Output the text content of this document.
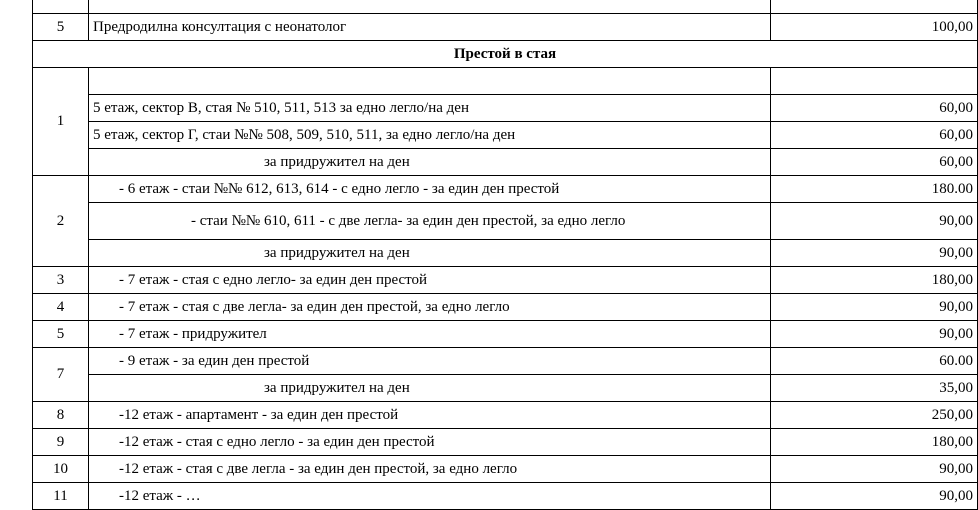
5	Предродилна консултация с неонатолог	100,00
Престой в стая		
1		
	5 етаж, сектор В, стая № 510, 511, 513 за едно легло/на ден	60,00
	5 етаж, сектор Г, стаи №№ 508, 509, 510, 511, за едно легло/на ден	60,00
	за придружител на ден	60,00
2	- 6 етаж - стаи №№ 612, 613, 614 - с едно легло - за един ден престой	180.00
	- стаи №№ 610, 611 - с две легла- за един ден престой, за едно легло	90,00
	за придружител на ден	90,00
3	- 7 етаж - стая с едно легло- за един ден престой	180,00
4	- 7 етаж - стая с две легла- за един ден престой, за едно легло	90,00
5	- 7 етаж - придружител	90,00
7	- 9 етаж - за един ден престой	60.00
	за придружител на ден	35,00
8	-12 етаж - апартамент - за един ден престой	250,00
9	-12 етаж - стая с едно легло - за един ден престой	180,00
10	-12 етаж - стая с две легла - за един ден престой, за едно легло	90,00
11	-12 етаж - …	90,00
